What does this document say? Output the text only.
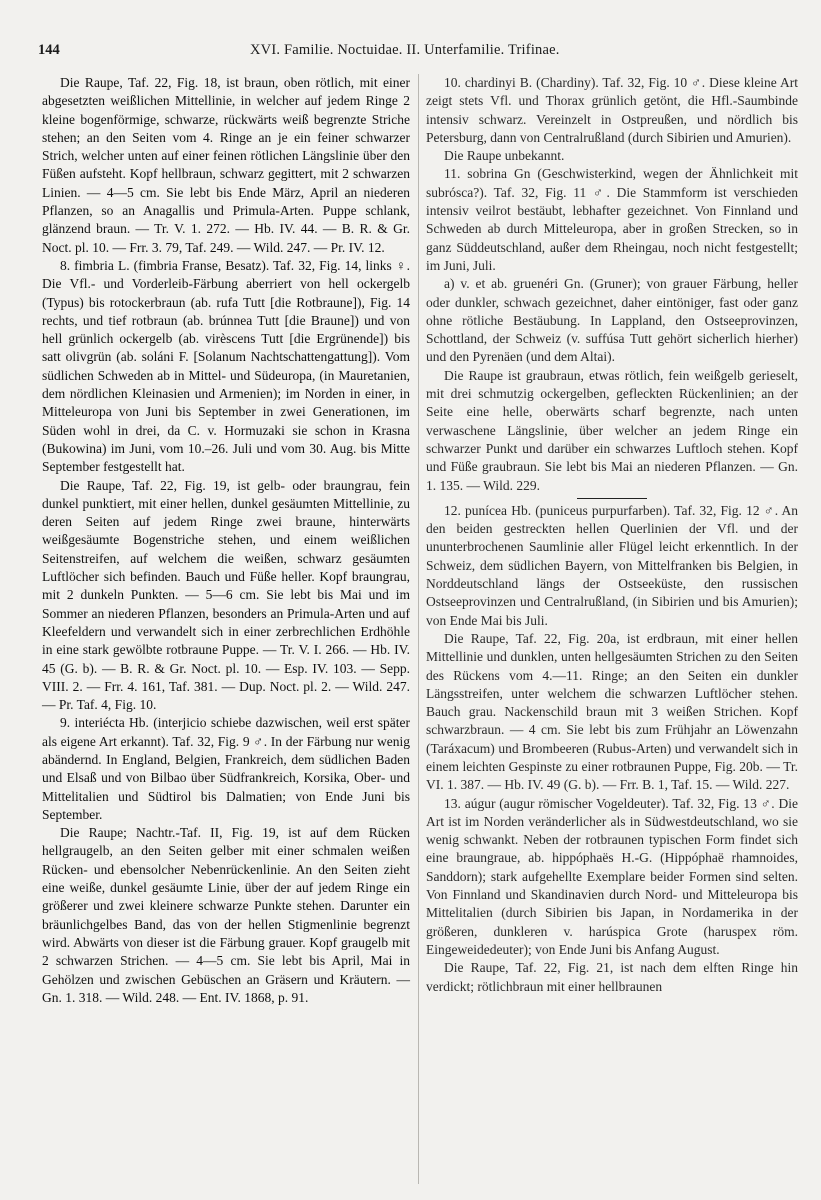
144	XVI. Familie. Noctuidae. II. Unterfamilie. Trifinae.

Die Raupe, Taf. 22, Fig. 18, ist braun, oben rötlich, mit einer abgesetzten weißlichen Mittellinie, in welcher auf jedem Ringe 2 kleine bogenförmige, schwarze, rückwärts weiß begrenzte Striche stehen; an den Seiten vom 4. Ringe an je ein feiner schwarzer Strich, welcher unten auf einer feinen rötlichen Längslinie über den Füßen aufsteht. Kopf hellbraun, schwarz gegittert, mit 2 schwarzen Linien. — 4—5 cm. Sie lebt bis Ende März, April an niederen Pflanzen, so an Anagallis und Primula-Arten. Puppe schlank, glänzend braun. — Tr. V. 1. 272. — Hb. IV. 44. — B. R. & Gr. Noct. pl. 10. — Frr. 3. 79, Taf. 249. — Wild. 247. — Pr. IV. 12.

8. fimbria L. (fimbria Franse, Besatz). Taf. 32, Fig. 14, links ♀. Die Vfl.- und Vorderleib-Färbung aberriert von hell ockergelb (Typus) bis rotockerbraun (ab. rufa Tutt [die Rotbraune]), Fig. 14 rechts, und tief rotbraun (ab. brúnnea Tutt [die Braune]) und von hell grünlich ockergelb (ab. virèscens Tutt [die Ergrünende]) bis satt olivgrün (ab. soláni F. [Solanum Nachtschattengattung]). Vom südlichen Schweden ab in Mittel- und Südeuropa, (in Mauretanien, dem nördlichen Kleinasien und Armenien); im Norden in einer, in Mitteleuropa von Juni bis September in zwei Generationen, im Süden wohl in drei, da C. v. Hormuzaki sie schon in Krasna (Bukowina) im Juni, vom 10.–26. Juli und vom 30. Aug. bis Mitte September festgestellt hat.

Die Raupe, Taf. 22, Fig. 19, ist gelb- oder braungrau, fein dunkel punktiert, mit einer hellen, dunkel gesäumten Mittellinie, zu deren Seiten auf jedem Ringe zwei braune, hinterwärts weißgesäumte Bogenstriche stehen, und einem weißlichen Seitenstreifen, auf welchem die weißen, schwarz gesäumten Luftlöcher sich befinden. Bauch und Füße heller. Kopf braungrau, mit 2 dunkeln Punkten. — 5—6 cm. Sie lebt bis Mai und im Sommer an niederen Pflanzen, besonders an Primula-Arten und auf Kleefeldern und verwandelt sich in einer zerbrechlichen Erdhöhle in eine stark gewölbte rotbraune Puppe. — Tr. V. I. 266. — Hb. IV. 45 (G. b). — B. R. & Gr. Noct. pl. 10. — Esp. IV. 103. — Sepp. VIII. 2. — Frr. 4. 161, Taf. 381. — Dup. Noct. pl. 2. — Wild. 247. — Pr. Taf. 4, Fig. 10.

9. interiécta Hb. (interjicio schiebe dazwischen, weil erst später als eigene Art erkannt). Taf. 32, Fig. 9 ♂. In der Färbung nur wenig abändernd. In England, Belgien, Frankreich, dem südlichen Baden und Elsaß und von Bilbao über Südfrankreich, Korsika, Ober- und Mittelitalien und Südtirol bis Dalmatien; von Ende Juni bis September.

Die Raupe; Nachtr.-Taf. II, Fig. 19, ist auf dem Rücken hellgraugelb, an den Seiten gelber mit einer schmalen weißen Rücken- und ebensolcher Nebenrückenlinie. An den Seiten zieht eine weiße, dunkel gesäumte Linie, über der auf jedem Ringe ein größerer und zwei kleinere schwarze Punkte stehen. Darunter ein bräunlichgelbes Band, das von der hellen Stigmenlinie begrenzt wird. Abwärts von dieser ist die Färbung grauer. Kopf graugelb mit 2 schwarzen Strichen. — 4—5 cm. Sie lebt bis April, Mai in Gehölzen und zwischen Gebüschen an Gräsern und Kräutern. — Gn. 1. 318. — Wild. 248. — Ent. IV. 1868, p. 91.

10. chardinyi B. (Chardiny). Taf. 32, Fig. 10 ♂. Diese kleine Art zeigt stets Vfl. und Thorax grünlich getönt, die Hfl.-Saumbinde intensiv schwarz. Vereinzelt in Ostpreußen, und nördlich bis Petersburg, dann von Centralrußland (durch Sibirien und Amurien).

Die Raupe unbekannt.

11. sobrina Gn (Geschwisterkind, wegen der Ähnlichkeit mit subrósca?). Taf. 32, Fig. 11 ♂. Die Stammform ist verschieden intensiv veilrot bestäubt, lebhafter gezeichnet. Von Finnland und Schweden ab durch Mitteleuropa, aber in großen Strecken, so in ganz Süddeutschland, außer dem Rheingau, noch nicht festgestellt; im Juni, Juli.

a) v. et ab. gruenéri Gn. (Gruner); von grauer Färbung, heller oder dunkler, schwach gezeichnet, daher eintöniger, fast oder ganz ohne rötliche Bestäubung. In Lappland, den Ostseeprovinzen, Schottland, der Schweiz (v. suffúsa Tutt gehört sicherlich hierher) und den Pyrenäen (und dem Altai).

Die Raupe ist graubraun, etwas rötlich, fein weißgelb gerieselt, mit drei schmutzig ockergelben, gefleckten Rückenlinien; an der Seite eine helle, oberwärts scharf begrenzte, nach unten verwaschene Längslinie, über welcher an jedem Ringe ein schwarzer Punkt und darüber ein schwarzes Luftloch stehen. Kopf und Füße graubraun. Sie lebt bis Mai an niederen Pflanzen. — Gn. 1. 135. — Wild. 229.

12. punícea Hb. (puniceus purpurfarben). Taf. 32, Fig. 12 ♂. An den beiden gestreckten hellen Querlinien der Vfl. und der ununterbrochenen Saumlinie aller Flügel leicht erkenntlich. In der Schweiz, dem südlichen Bayern, von Mittelfranken bis Belgien, in Norddeutschland längs der Ostseeküste, den russischen Ostseeprovinzen und Centralrußland, (in Sibirien und bis Amurien); von Ende Mai bis Juli.

Die Raupe, Taf. 22, Fig. 20a, ist erdbraun, mit einer hellen Mittellinie und dunklen, unten hellgesäumten Strichen zu den Seiten des Rückens vom 4.—11. Ringe; an den Seiten ein dunkler Längsstreifen, unter welchem die schwarzen Luftlöcher stehen. Bauch grau. Nackenschild braun mit 3 weißen Strichen. Kopf schwarzbraun. — 4 cm. Sie lebt bis zum Frühjahr an Löwenzahn (Taráxacum) und Brombeeren (Rubus-Arten) und verwandelt sich in einem leichten Gespinste zu einer rotbraunen Puppe, Fig. 20b. — Tr. VI. 1. 387. — Hb. IV. 49 (G. b). — Frr. B. 1, Taf. 15. — Wild. 227.

13. aúgur (augur römischer Vogeldeuter). Taf. 32, Fig. 13 ♂. Die Art ist im Norden veränderlicher als in Südwestdeutschland, wo sie wenig schwankt. Neben der rotbraunen typischen Form findet sich eine braungraue, ab. hippóphaës H.-G. (Hippóphaë rhamnoides, Sanddorn); stark aufgehellte Exemplare beider Formen sind selten. Von Finnland und Skandinavien durch Nord- und Mitteleuropa bis Mittelitalien (durch Sibirien bis Japan, in Nordamerika in der größeren, dunkleren v. harúspica Grote (haruspex röm. Eingeweidedeuter); von Ende Juni bis Anfang August.

Die Raupe, Taf. 22, Fig. 21, ist nach dem elften Ringe hin verdickt; rötlichbraun mit einer hellbraunen
